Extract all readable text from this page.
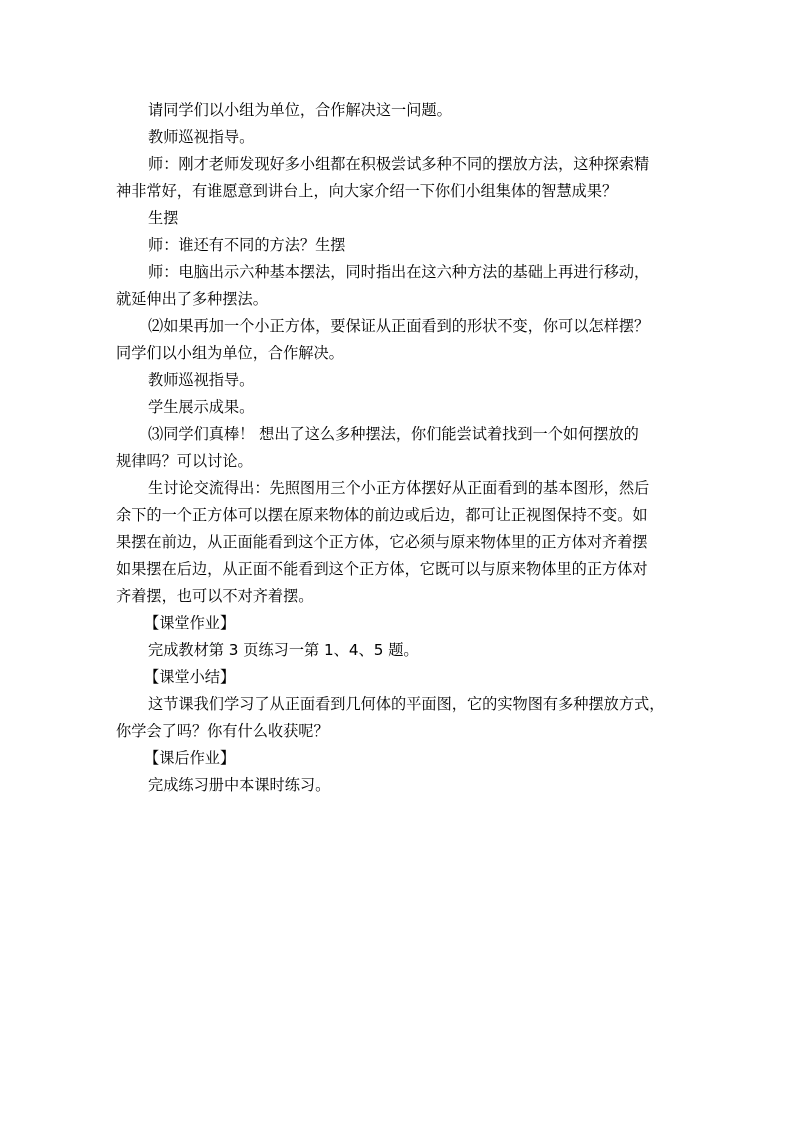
请同学们以小组为单位，合作解决这一问题。

教师巡视指导。

师：刚才老师发现好多小组都在积极尝试多种不同的摆放方法，这种探索精
神非常好，有谁愿意到讲台上，向大家介绍一下你们小组集体的智慧成果？

生摆

师：谁还有不同的方法？生摆

师：电脑出示六种基本摆法，同时指出在这六种方法的基础上再进行移动，
就延伸出了多种摆法。

⑵如果再加一个小正方体，要保证从正面看到的形状不变，你可以怎样摆？
同学们以小组为单位，合作解决。

教师巡视指导。

学生展示成果。

⑶同学们真棒！ 想出了这么多种摆法，你们能尝试着找到一个如何摆放的
规律吗？可以讨论。

生讨论交流得出：先照图用三个小正方体摆好从正面看到的基本图形，然后
余下的一个正方体可以摆在原来物体的前边或后边，都可让正视图保持不变。如
果摆在前边，从正面能看到这个正方体，它必须与原来物体里的正方体对齐着摆
如果摆在后边，从正面不能看到这个正方体，它既可以与原来物体里的正方体对
齐着摆，也可以不对齐着摆。

【课堂作业】

完成教材第 3 页练习一第 1、4、5 题。

【课堂小结】

这节课我们学习了从正面看到几何体的平面图，它的实物图有多种摆放方式，
你学会了吗？你有什么收获呢？

【课后作业】

完成练习册中本课时练习。
